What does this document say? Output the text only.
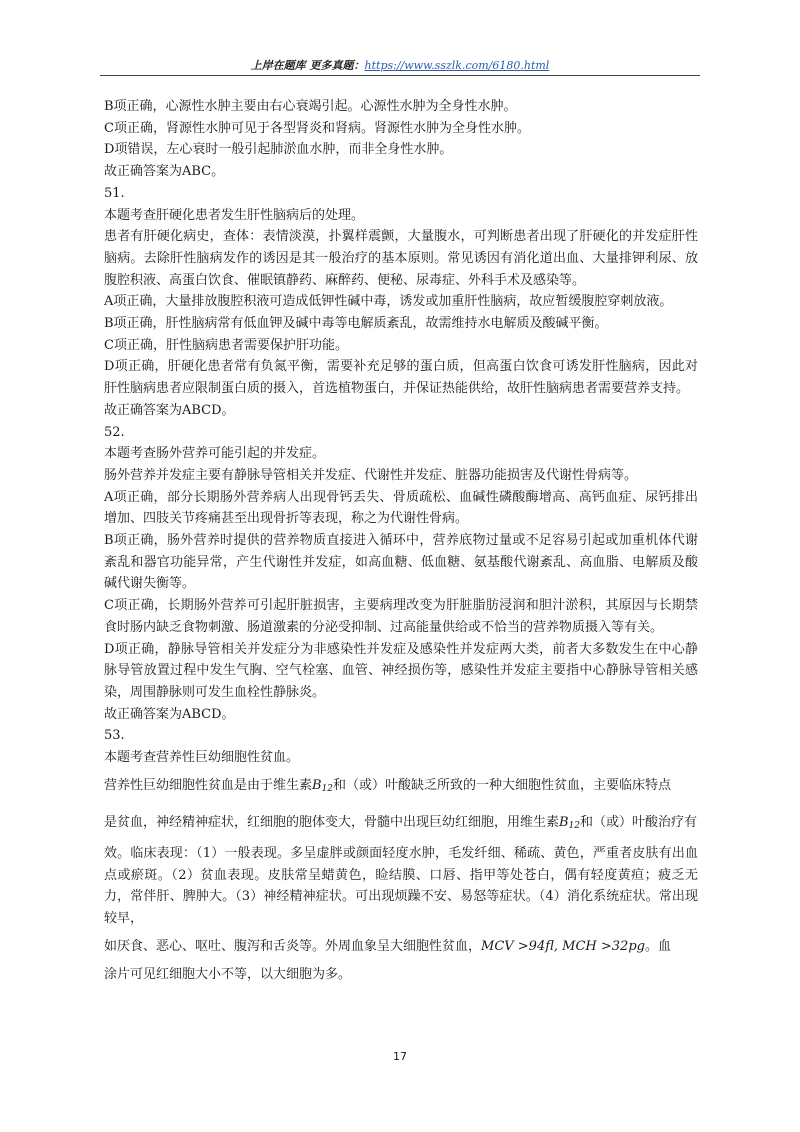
上岸在题库 更多真题：https://www.sszlk.com/6180.html

B项正确，心源性水肿主要由右心衰竭引起。心源性水肿为全身性水肿。

C项正确，肾源性水肿可见于各型肾炎和肾病。肾源性水肿为全身性水肿。

D项错误，左心衰时一般引起肺淤血水肿，而非全身性水肿。

故正确答案为ABC。

51.

本题考查肝硬化患者发生肝性脑病后的处理。

患者有肝硬化病史，查体：表情淡漠，扑翼样震颤，大量腹水，可判断患者出现了肝硬化的并发症肝性脑病。去除肝性脑病发作的诱因是其一般治疗的基本原则。常见诱因有消化道出血、大量排钾利尿、放腹腔积液、高蛋白饮食、催眠镇静药、麻醉药、便秘、尿毒症、外科手术及感染等。

A项正确，大量排放腹腔积液可造成低钾性碱中毒，诱发或加重肝性脑病，故应暂缓腹腔穿刺放液。

B项正确，肝性脑病常有低血钾及碱中毒等电解质紊乱，故需维持水电解质及酸碱平衡。

C项正确，肝性脑病患者需要保护肝功能。

D项正确，肝硬化患者常有负氮平衡，需要补充足够的蛋白质，但高蛋白饮食可诱发肝性脑病，因此对肝性脑病患者应限制蛋白质的摄入，首选植物蛋白，并保证热能供给，故肝性脑病患者需要营养支持。

故正确答案为ABCD。

52.

本题考查肠外营养可能引起的并发症。

肠外营养并发症主要有静脉导管相关并发症、代谢性并发症、脏器功能损害及代谢性骨病等。

A项正确，部分长期肠外营养病人出现骨钙丢失、骨质疏松、血碱性磷酸酶增高、高钙血症、尿钙排出增加、四肢关节疼痛甚至出现骨折等表现，称之为代谢性骨病。

B项正确，肠外营养时提供的营养物质直接进入循环中，营养底物过量或不足容易引起或加重机体代谢紊乱和器官功能异常，产生代谢性并发症，如高血糖、低血糖、氨基酸代谢紊乱、高血脂、电解质及酸碱代谢失衡等。

C项正确，长期肠外营养可引起肝脏损害，主要病理改变为肝脏脂肪浸润和胆汁淤积，其原因与长期禁食时肠内缺乏食物刺激、肠道激素的分泌受抑制、过高能量供给或不恰当的营养物质摄入等有关。

D项正确，静脉导管相关并发症分为非感染性并发症及感染性并发症两大类，前者大多数发生在中心静脉导管放置过程中发生气胸、空气栓塞、血管、神经损伤等，感染性并发症主要指中心静脉导管相关感染，周围静脉则可发生血栓性静脉炎。

故正确答案为ABCD。

53.

本题考查营养性巨幼细胞性贫血。

营养性巨幼细胞性贫血是由于维生素$B_{12}$和（或）叶酸缺乏所致的一种大细胞性贫血，主要临床特点

是贫血，神经精神症状，红细胞的胞体变大，骨髓中出现巨幼红细胞，用维生素$B_{12}$和（或）叶酸治疗有

效。临床表现：（1）一般表现。多呈虚胖或颜面轻度水肿，毛发纤细、稀疏、黄色，严重者皮肤有出血点或瘀斑。（2）贫血表现。皮肤常呈蜡黄色，睑结膜、口唇、指甲等处苍白，偶有轻度黄疸；疲乏无力，常伴肝、脾肿大。（3）神经精神症状。可出现烦躁不安、易怒等症状。（4）消化系统症状。常出现较早，

如厌食、恶心、呕吐、腹泻和舌炎等。外周血象呈大细胞性贫血，MCV >94fl, MCH >32pg。血

涂片可见红细胞大小不等，以大细胞为多。

17
